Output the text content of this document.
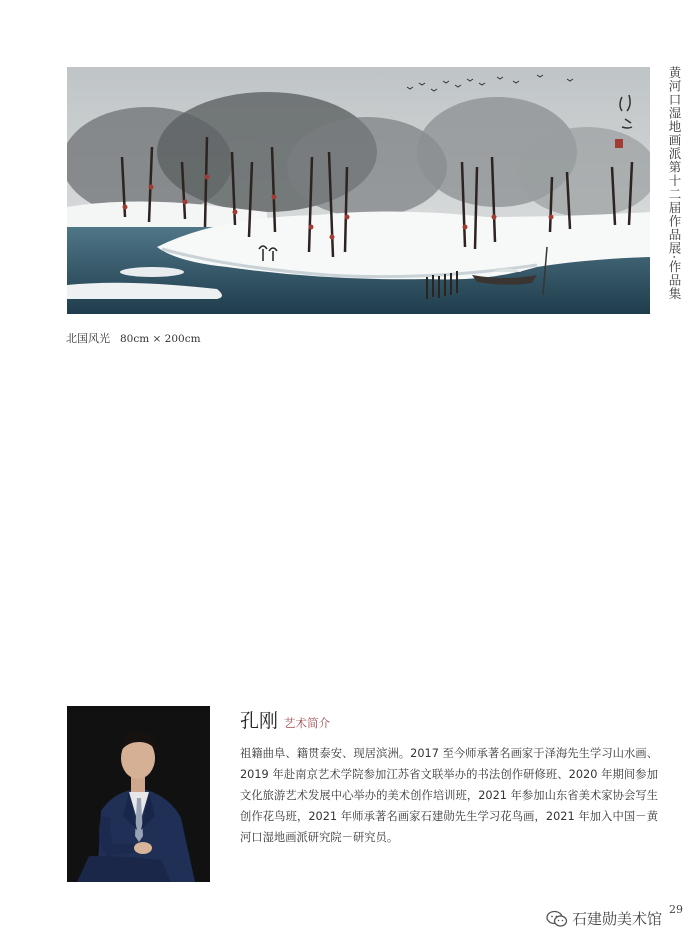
北国风光 80cm × 200cm
黄河口湿地画派第十二届作品展·作品集
孔刚 艺术简介
祖籍曲阜、籍贯泰安、现居滨洲。2017 至今师承著名画家于泽海先生学习山水画、2019 年赴南京艺术学院参加江苏省文联举办的书法创作研修班、2020 年期间参加文化旅游艺术发展中心举办的美术创作培训班，2021 年参加山东省美术家协会写生创作花鸟班，2021 年师承著名画家石建勋先生学习花鸟画，2021 年加入中国－黄河口湿地画派研究院－研究员。
29
石建勋美术馆
